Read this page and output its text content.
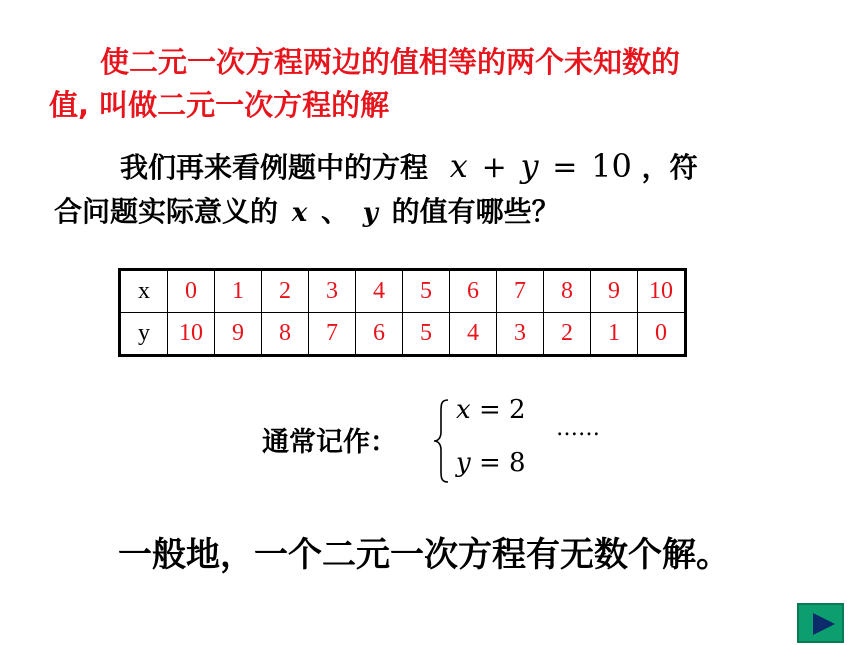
使二元一次方程两边的值相等的两个未知数的
值, 叫做二元一次方程的解
我们再来看例题中的方程 x + y = 10 ，符
合问题实际意义的 x 、 y 的值有哪些？
x	0	1	2	3	4	5	6	7	8	9	10
y	10	9	8	7	6	5	4	3	2	1	0
通常记作：
x = 2
y = 8
……
一般地，一个二元一次方程有无数个解。
